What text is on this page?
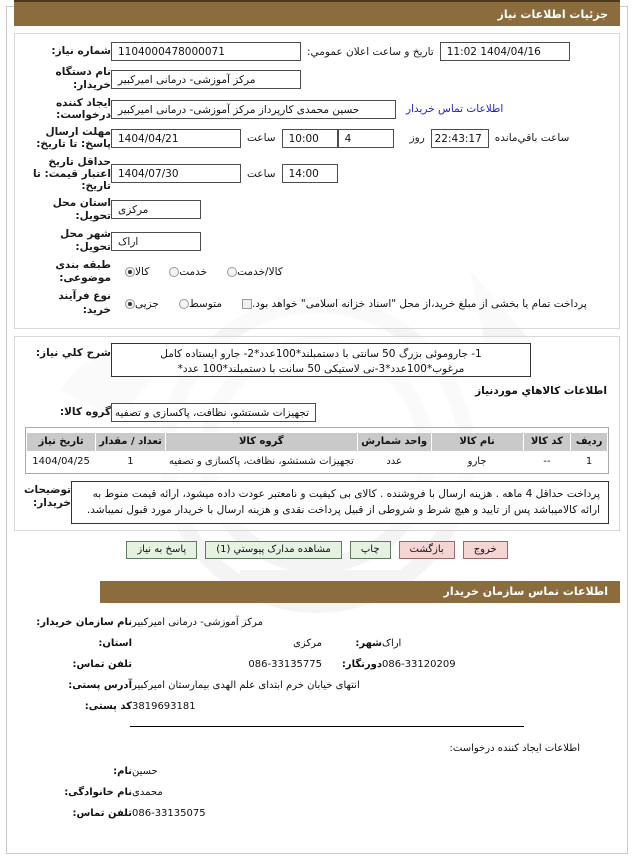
جزئیات اطلاعات نیاز
شماره نیاز: 1104000478000071	تاریخ و ساعت اعلان عمومي:	1404/04/16 11:02
نام دستگاه خریدار: مرکز آموزشی- درمانی امیرکبیر
ایجاد کننده درخواست: حسین محمدی کارپرداز مرکز آموزشی- درمانی امیرکبیر	اطلاعات تماس خریدار
مهلت ارسال پاسخ: تا تاریخ: 1404/04/21	ساعت	10:00	4	روز 22:43:17	ساعت باقي‌مانده
حداقل تاریخ اعتبار قیمت: تا تاریخ:
1404/07/30	ساعت	14:00
استان محل تحویل: مرکزی
شهر محل تحویل: اراک
طبقه بندی موضوعی: کالا	خدمت	کالا/خدمت
نوع فرآیند خرید: جزیی	متوسط	پرداخت تمام یا بخشی از مبلغ خرید،از محل "اسناد خزانه اسلامی" خواهد بود.
شرح کلي نیاز:	1- جاروموئی بزرگ 50 سانتی با دستمبلند*100عدد*2- جارو ایستاده کامل مرغوب*100عدد*3-نی لاستیکی 50 سانت با دستمبلند*100 عدد*
اطلاعات کالاهاي موردنیاز
گروه کالا: تجهیزات شستشو، نظافت، پاکسازی و تصفیه
ردیف	کد کالا	نام کالا	واحد شمارش	گروه کالا	تعداد / مقدار	تاریخ نیاز
1	--	جارو	عدد	تجهیزات شستشو، نظافت، پاکسازی و تصفیه	1	1404/04/25
توضیحات خریدار:
پرداخت حداقل 4 ماهه . هزینه ارسال با فروشنده . کالای بی کیفیت و نامعتبر عودت داده میشود، ارائه قیمت منوط به ارائه کالامیباشد پس از تایید و هیچ شرط و شروطی از قبیل پرداخت نقدی و هزینه ارسال با خریدار مورد قبول نمیباشد.
پاسخ به نیاز	مشاهده مدارک پیوستي (1)	چاپ	بازگشت	خروج
اطلاعات تماس سازمان خریدار
نام سازمان خریدار: مرکز آموزشی- درمانی امیرکبیر
استان:	مرکزی	شهر: اراک
تلفن تماس:	086-33135775	دورنگار: 086-33120209
آدرس پستی: انتهای خیابان خرم ابتدای علم الهدی بیمارستان امیرکبیر
کد پستی: 3819693181
اطلاعات ایجاد کننده درخواست:
نام: حسین
نام خانوادگی: محمدی
تلفن تماس: 086-33135075
